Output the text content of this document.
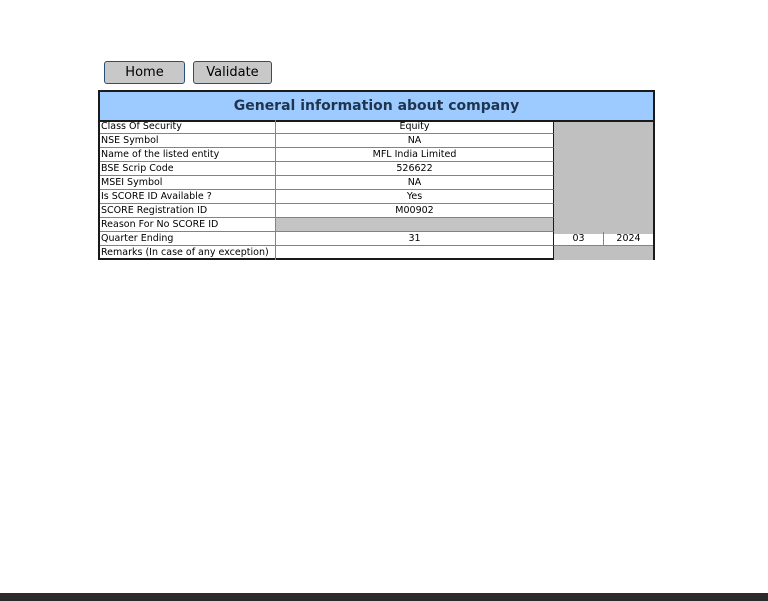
Home	Validate
General information about company
Class Of Security	Equity
NSE Symbol	NA
Name of the listed entity	MFL India Limited
BSE Scrip Code	526622
MSEI Symbol	NA
Is SCORE ID Available ?	Yes
SCORE Registration ID	M00902
Reason For No SCORE ID
Quarter Ending	31	03	2024
Remarks (In case of any exception)
